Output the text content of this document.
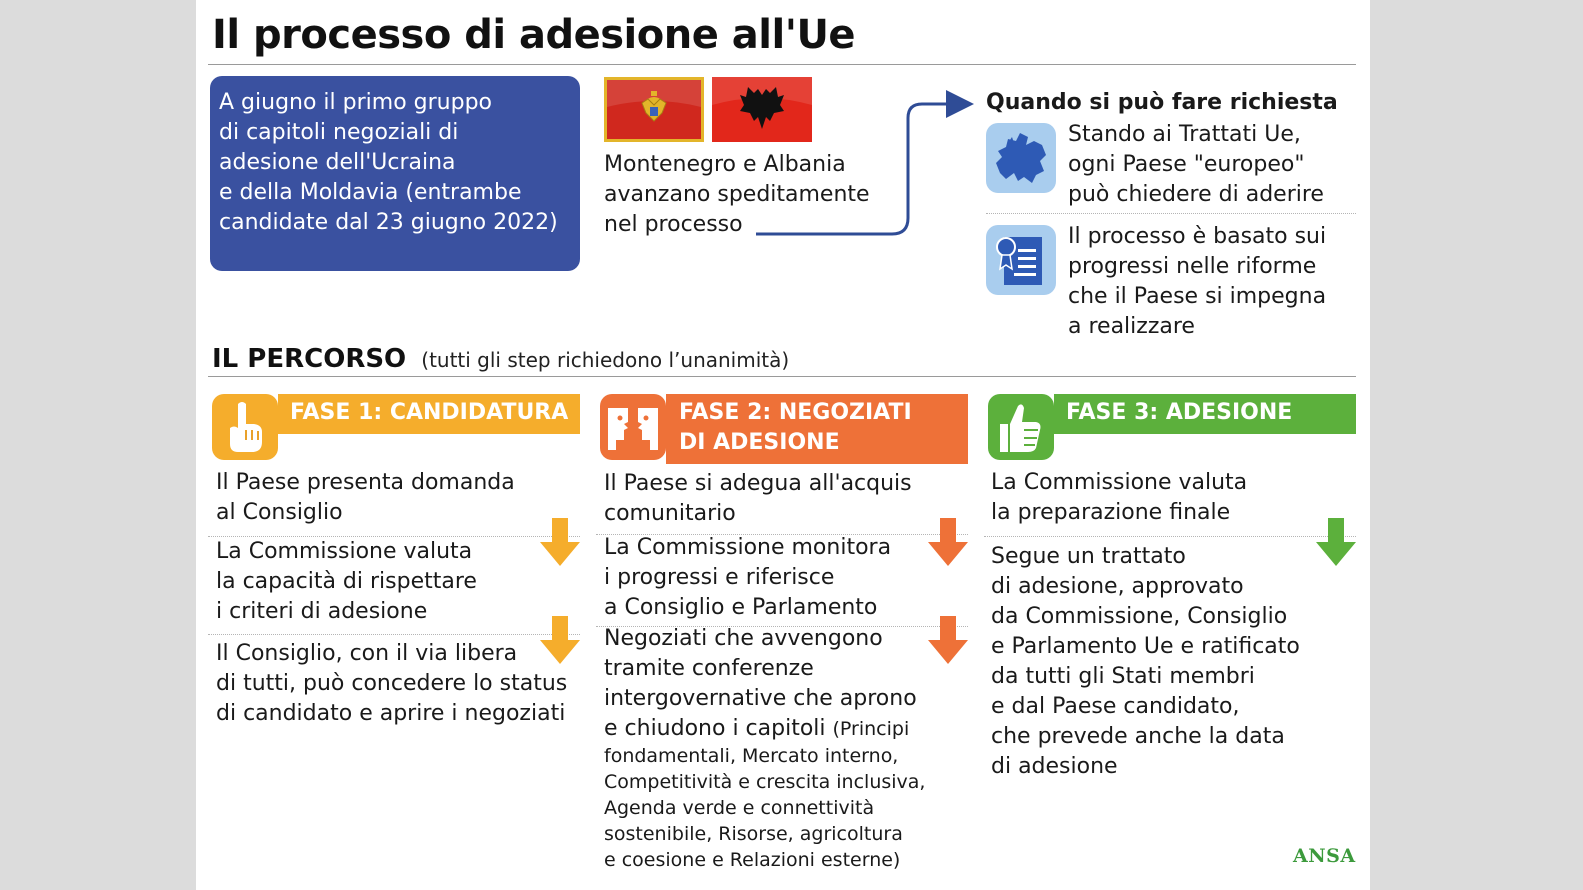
Il processo di adesione all'Ue
A giugno il primo gruppo
di capitoli negoziali di
adesione dell'Ucraina
e della Moldavia (entrambe
candidate dal 23 giugno 2022)
Montenegro e Albania
avanzano speditamente
nel processo
Quando si può fare richiesta
Stando ai Trattati Ue,
ogni Paese "europeo"
può chiedere di aderire
Il processo è basato sui
progressi nelle riforme
che il Paese si impegna
a realizzare
IL PERCORSO (tutti gli step richiedono l’unanimità)
FASE 1: CANDIDATURA
Il Paese presenta domanda
al Consiglio
La Commissione valuta
la capacità di rispettare
i criteri di adesione
Il Consiglio, con il via libera
di tutti, può concedere lo status
di candidato e aprire i negoziati
FASE 2: NEGOZIATI
DI ADESIONE
Il Paese si adegua all'acquis
comunitario
La Commissione monitora
i progressi e riferisce
a Consiglio e Parlamento
Negoziati che avvengono
tramite conferenze
intergovernative che aprono
e chiudono i capitoli (Principi
fondamentali, Mercato interno,
Competitività e crescita inclusiva,
Agenda verde e connettività
sostenibile, Risorse, agricoltura
e coesione e Relazioni esterne)
FASE 3: ADESIONE
La Commissione valuta
la preparazione finale
Segue un trattato
di adesione, approvato
da Commissione, Consiglio
e Parlamento Ue e ratificato
da tutti gli Stati membri
e dal Paese candidato,
che prevede anche la data
di adesione
ANSA
